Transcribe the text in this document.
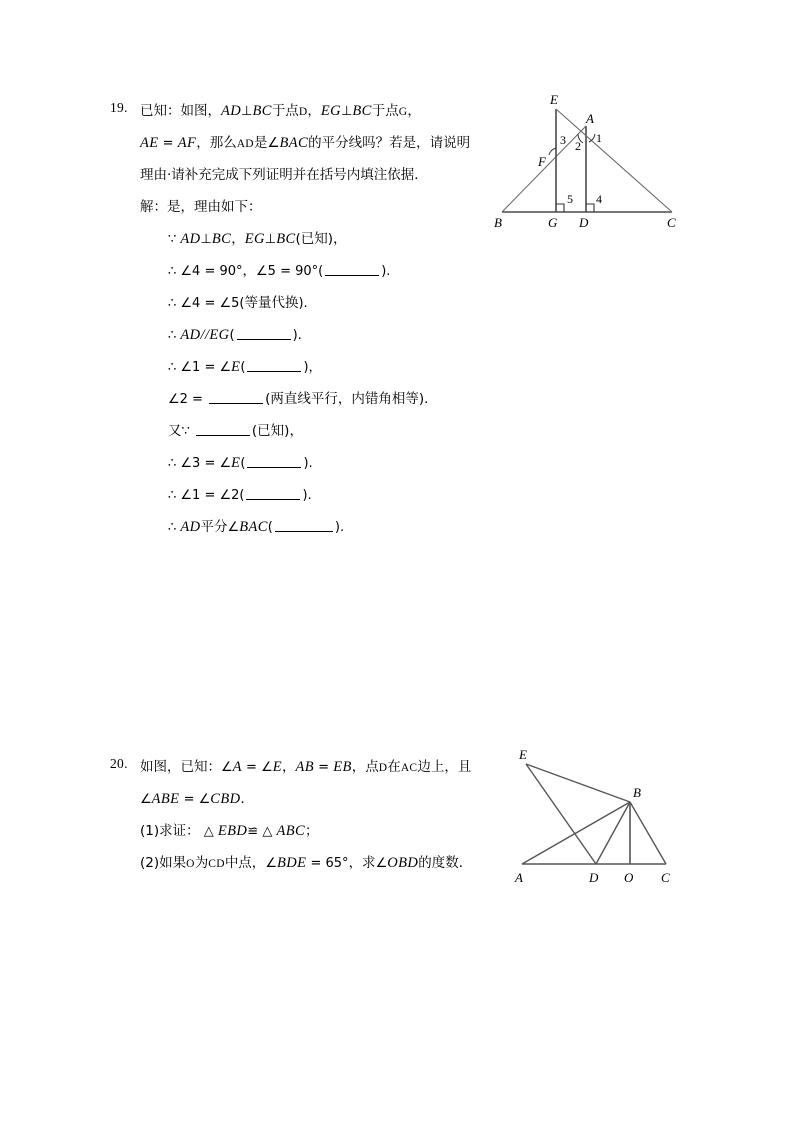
19. 已知：如图，AD⊥BC于点D，EG⊥BC于点G，
AE = AF，那么AD是∠BAC的平分线吗？若是，请说明
理由·请补充完成下列证明并在括号内填注依据．
解：是，理由如下：
∵ AD⊥BC，EG⊥BC(已知)，
∴ ∠4 = 90°，∠5 = 90°(	).
∴ ∠4 = ∠5(等量代换).
∴ AD//EG(	).
∴ ∠1 = ∠E(	)，
∠2 =	(两直线平行，内错角相等)．
又∵	(已知)，
∴ ∠3 = ∠E(	).
∴ ∠1 = ∠2(	).
∴ AD平分∠BAC(	).
E
A
F
B	G D	C
1
2
3
4
5
20. 如图，已知：∠A = ∠E，AB = EB，点D在AC边上，且
∠ABE = ∠CBD．
(1)求证： △ EBD≌ △ ABC；
(2)如果O为CD中点，∠BDE = 65°，求∠OBD的度数．
E
B
A	D O C
